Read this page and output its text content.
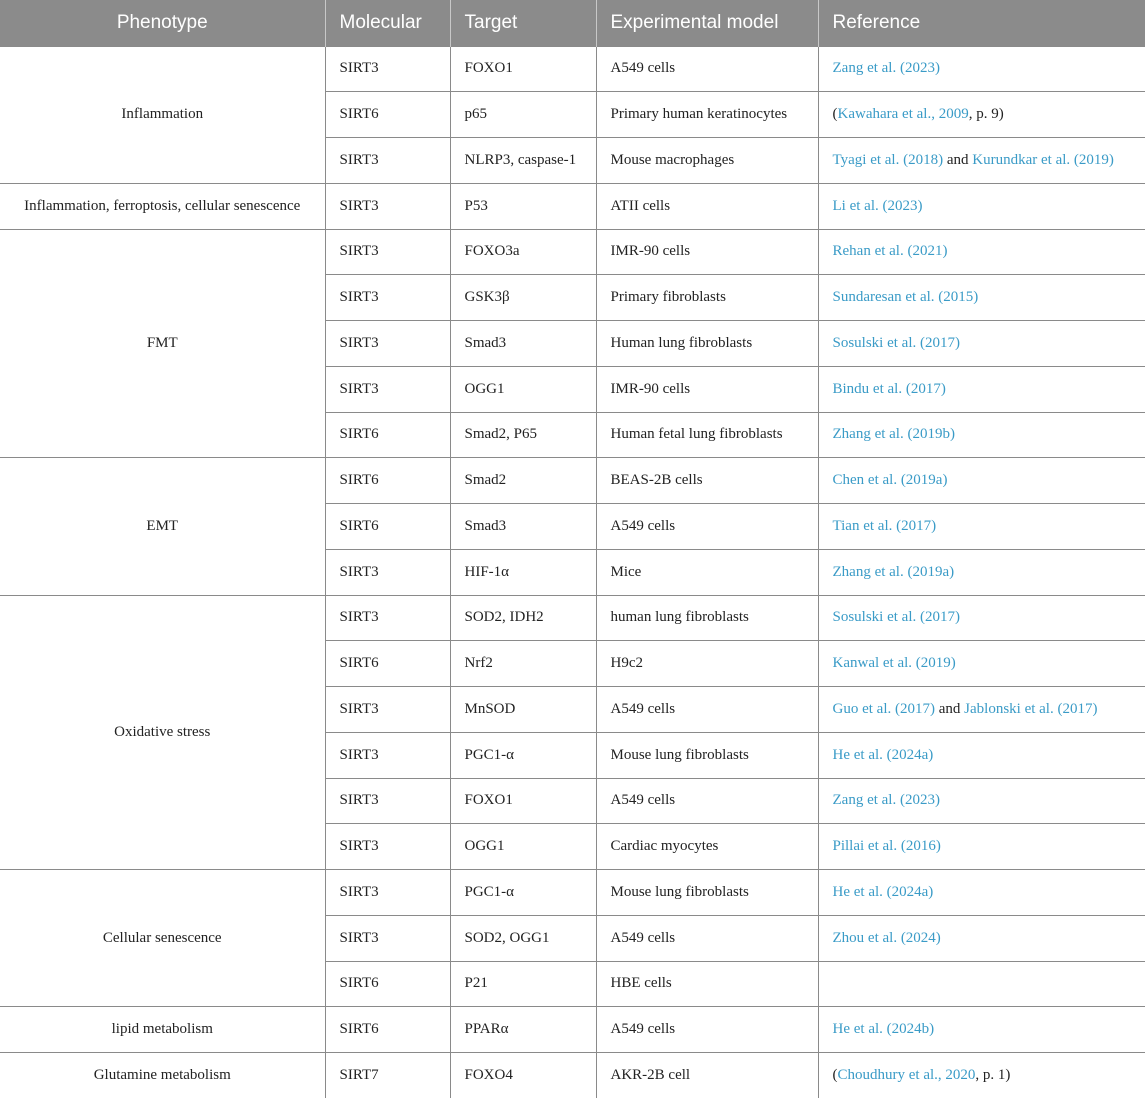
Phenotype	Molecular	Target	Experimental model	Reference
Inflammation	SIRT3	FOXO1	A549 cells	Zang et al. (2023)
	SIRT6	p65	Primary human keratinocytes	(Kawahara et al., 2009, p. 9)
	SIRT3	NLRP3, caspase-1	Mouse macrophages	Tyagi et al. (2018) and Kurundkar et al. (2019)
Inflammation, ferroptosis, cellular senescence	SIRT3	P53	ATII cells	Li et al. (2023)
FMT	SIRT3	FOXO3a	IMR-90 cells	Rehan et al. (2021)
	SIRT3	GSK3β	Primary fibroblasts	Sundaresan et al. (2015)
	SIRT3	Smad3	Human lung fibroblasts	Sosulski et al. (2017)
	SIRT3	OGG1	IMR-90 cells	Bindu et al. (2017)
	SIRT6	Smad2, P65	Human fetal lung fibroblasts	Zhang et al. (2019b)
EMT	SIRT6	Smad2	BEAS-2B cells	Chen et al. (2019a)
	SIRT6	Smad3	A549 cells	Tian et al. (2017)
	SIRT3	HIF-1α	Mice	Zhang et al. (2019a)
Oxidative stress	SIRT3	SOD2, IDH2	human lung fibroblasts	Sosulski et al. (2017)
	SIRT6	Nrf2	H9c2	Kanwal et al. (2019)
	SIRT3	MnSOD	A549 cells	Guo et al. (2017) and Jablonski et al. (2017)
	SIRT3	PGC1-α	Mouse lung fibroblasts	He et al. (2024a)
	SIRT3	FOXO1	A549 cells	Zang et al. (2023)
	SIRT3	OGG1	Cardiac myocytes	Pillai et al. (2016)
Cellular senescence	SIRT3	PGC1-α	Mouse lung fibroblasts	He et al. (2024a)
	SIRT3	SOD2, OGG1	A549 cells	Zhou et al. (2024)
	SIRT6	P21	HBE cells	
lipid metabolism	SIRT6	PPARα	A549 cells	He et al. (2024b)
Glutamine metabolism	SIRT7	FOXO4	AKR-2B cell	(Choudhury et al., 2020, p. 1)
